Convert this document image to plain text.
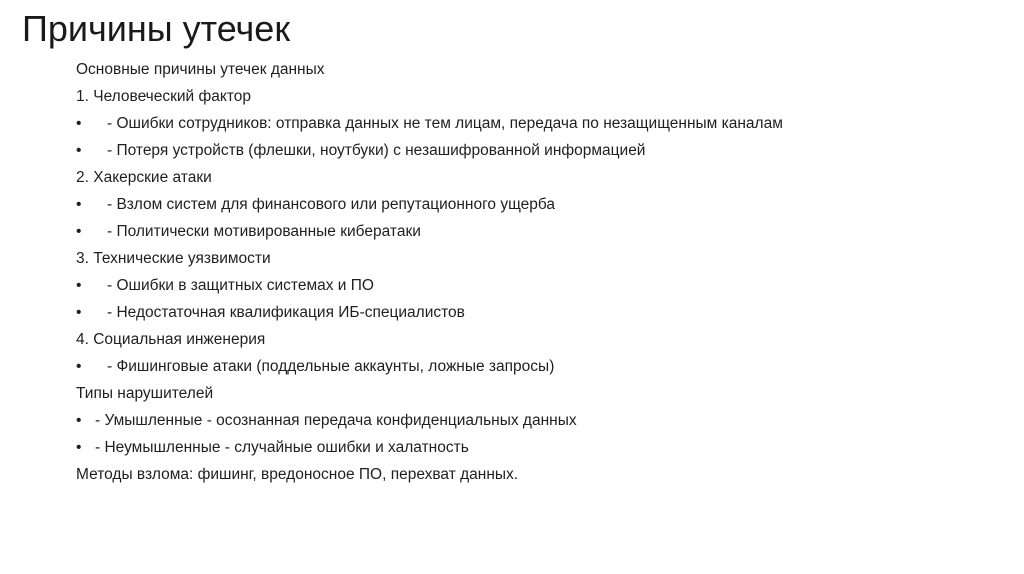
Причины утечек
Основные причины утечек данных
1. Человеческий фактор
• - Ошибки сотрудников: отправка данных не тем лицам, передача по незащищенным каналам
• - Потеря устройств (флешки, ноутбуки) с незашифрованной информацией
2. Хакерские атаки
• - Взлом систем для финансового или репутационного ущерба
• - Политически мотивированные кибератаки
3. Технические уязвимости
• - Ошибки в защитных системах и ПО
• - Недостаточная квалификация ИБ-специалистов
4. Социальная инженерия
• - Фишинговые атаки (поддельные аккаунты, ложные запросы)
Типы нарушителей
• - Умышленные - осознанная передача конфиденциальных данных
• - Неумышленные - случайные ошибки и халатность
Методы взлома: фишинг, вредоносное ПО, перехват данных.
